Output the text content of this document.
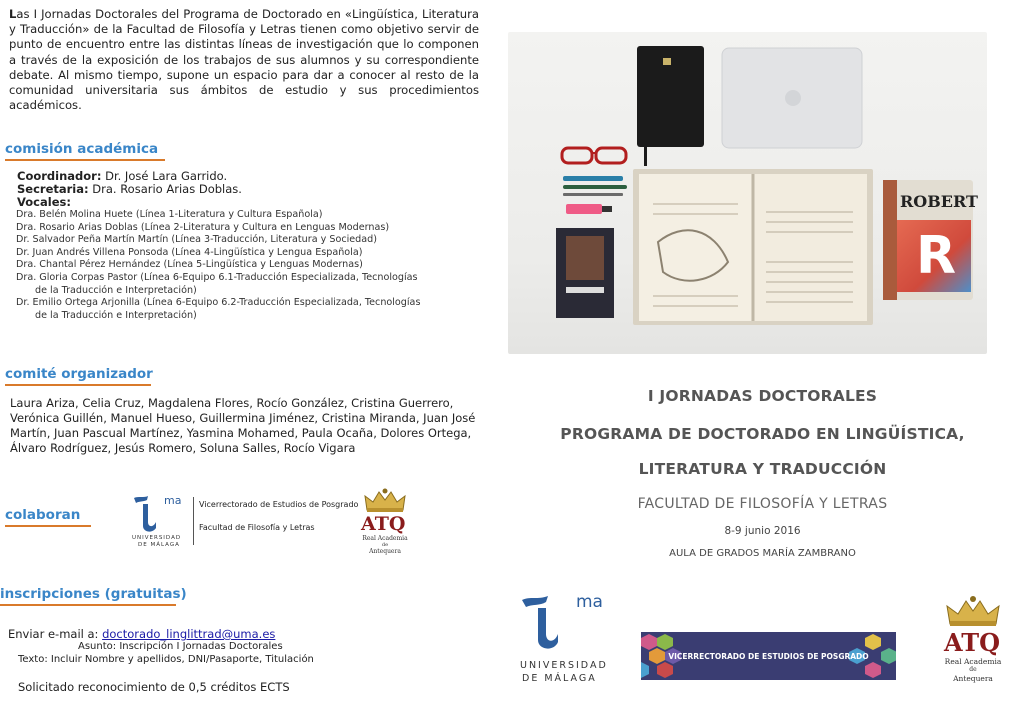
Las I Jornadas Doctorales del Programa de Doctorado en «Lingüística, Literatura y Traducción» de la Facultad de Filosofía y Letras tienen como objetivo servir de punto de encuentro entre las distintas líneas de investigación que lo componen a través de la exposición de los trabajos de sus alumnos y su correspondiente debate. Al mismo tiempo, supone un espacio para dar a conocer al resto de la comunidad universitaria sus ámbitos de estudio y sus procedimientos académicos.
comisión académica
Coordinador: Dr. José Lara Garrido.
Secretaria: Dra. Rosario Arias Doblas.
Vocales:
Dra. Belén Molina Huete (Línea 1-Literatura y Cultura Española)
Dra. Rosario Arias Doblas (Línea 2-Literatura y Cultura en Lenguas Modernas)
Dr. Salvador Peña Martín Martín (Línea 3-Traducción, Literatura y Sociedad)
Dr. Juan Andrés Villena Ponsoda (Línea 4-Lingüística y Lengua Española)
Dra. Chantal Pérez Hernández (Línea 5-Lingüística y Lenguas Modernas)
Dra. Gloria Corpas Pastor (Línea 6-Equipo 6.1-Traducción Especializada, Tecnologías
de la Traducción e Interpretación)
Dr. Emilio Ortega Arjonilla (Línea 6-Equipo 6.2-Traducción Especializada, Tecnologías
de la Traducción e Interpretación)
comité organizador
Laura Ariza, Celia Cruz, Magdalena Flores, Rocío González, Cristina Guerrero, Verónica Guillén, Manuel Hueso, Guillermina Jiménez, Cristina Miranda, Juan José Martín, Juan Pascual Martínez, Yasmina Mohamed, Paula Ocaña, Dolores Ortega, Álvaro Rodríguez, Jesús Romero, Soluna Salles, Rocío Vigara
colaboran
ma
UNIVERSIDAD
DE MÁLAGA
Vicerrectorado de Estudios de Posgrado
Facultad de Filosofía y Letras ATQ
Real Academia
de
Antequera
inscripciones (gratuitas)
Enviar e-mail a: doctorado_linglittrad@uma.es
Asunto: Inscripción I Jornadas Doctorales
Texto: Incluir Nombre y apellidos, DNI/Pasaporte, Titulación
Solicitado reconocimiento de 0,5 créditos ECTS
ROBERT
R
I JORNADAS DOCTORALES
PROGRAMA DE DOCTORADO EN LINGÜÍSTICA,
LITERATURA Y TRADUCCIÓN
FACULTAD DE FILOSOFÍA Y LETRAS
8-9 junio 2016
AULA DE GRADOS MARÍA ZAMBRANO
ma
UNIVERSIDAD
DE MÁLAGA
VICERRECTORADO DE ESTUDIOS DE POSGRADO	ATQ
Real Academia
de
Antequera
